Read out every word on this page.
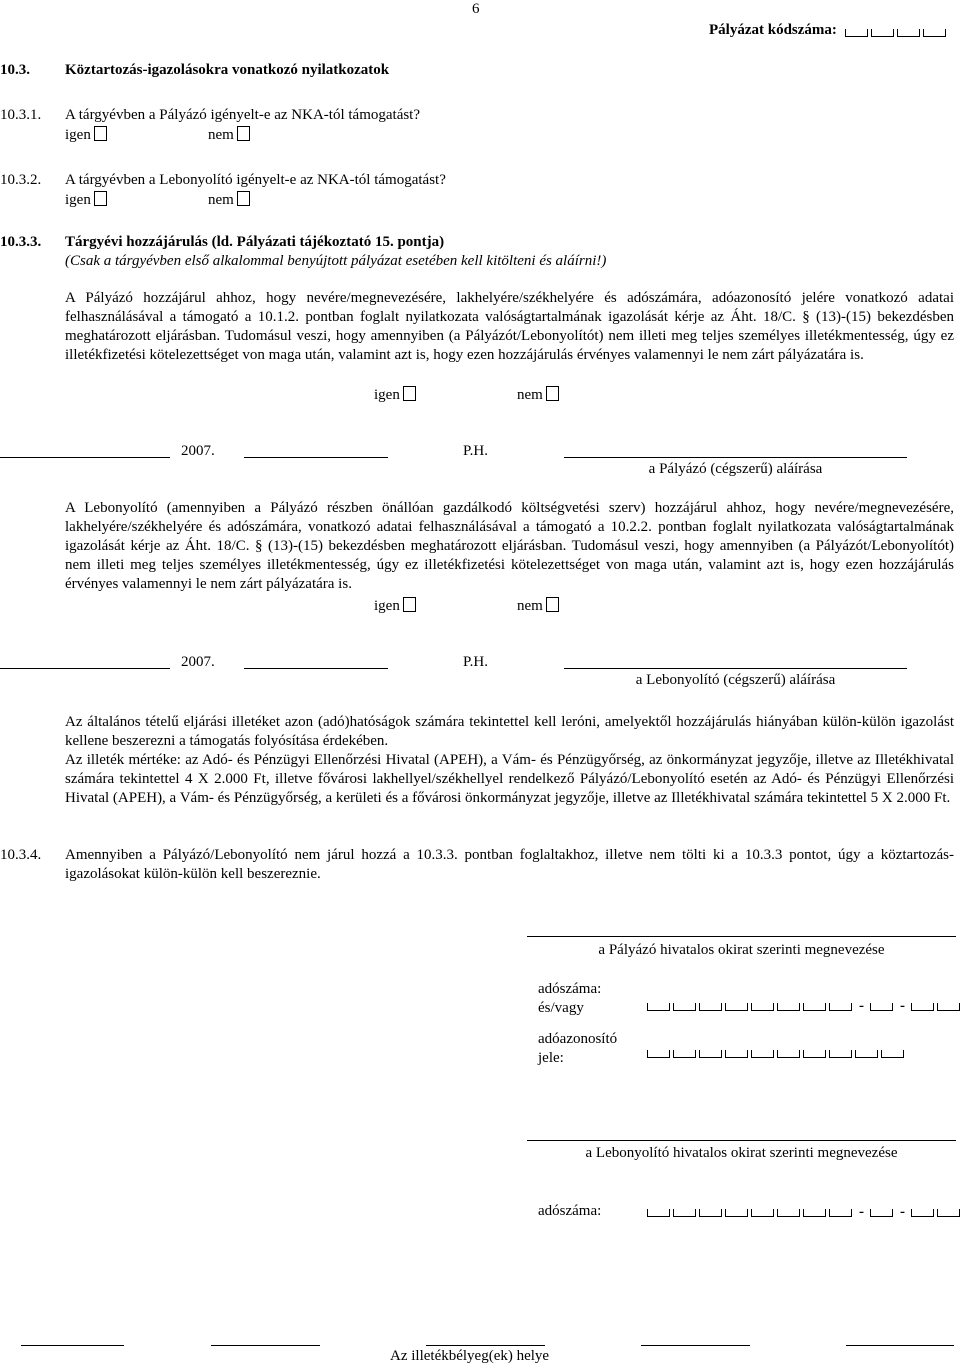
6
Pályázat kódszáma:
10.3. Köztartozás-igazolásokra vonatkozó nyilatkozatok
10.3.1. A tárgyévben a Pályázó igényelt-e az NKA-tól támogatást?
igen	nem
10.3.2. A tárgyévben a Lebonyolító igényelt-e az NKA-tól támogatást?
igen	nem
10.3.3. Tárgyévi hozzájárulás (ld. Pályázati tájékoztató 15. pontja)
(Csak a tárgyévben első alkalommal benyújtott pályázat esetében kell kitölteni és aláírni!)
A Pályázó hozzájárul ahhoz, hogy nevére/megnevezésére, lakhelyére/székhelyére és adószámára, adóazonosító jelére vonatkozó adatai felhasználásával a támogató a 10.1.2. pontban foglalt nyilatkozata valóságtartalmának igazolását kérje az Áht. 18/C. § (13)-(15) bekezdésben meghatározott eljárásban. Tudomásul veszi, hogy amennyiben (a Pályázót/Lebonyolítót) nem illeti meg teljes személyes illetékmentesség, úgy ez illetékfizetési kötelezettséget von maga után, valamint azt is, hogy ezen hozzájárulás érvényes valamennyi le nem zárt pályázatára is.
igen	nem
2007.	P.H.
a Pályázó (cégszerű) aláírása
A Lebonyolító (amennyiben a Pályázó részben önállóan gazdálkodó költségvetési szerv) hozzájárul ahhoz, hogy nevére/megnevezésére, lakhelyére/székhelyére és adószámára, vonatkozó adatai felhasználásával a támogató a 10.2.2. pontban foglalt nyilatkozata valóságtartalmának igazolását kérje az Áht. 18/C. § (13)-(15) bekezdésben meghatározott eljárásban. Tudomásul veszi, hogy amennyiben (a Pályázót/Lebonyolítót) nem illeti meg teljes személyes illetékmentesség, úgy ez illetékfizetési kötelezettséget von maga után, valamint azt is, hogy ezen hozzájárulás érvényes valamennyi le nem zárt pályázatára is.
igen	nem
2007.	P.H.
a Lebonyolító (cégszerű) aláírása
Az általános tételű eljárási illetéket azon (adó)hatóságok számára tekintettel kell leróni, amelyektől hozzájárulás hiányában külön-külön igazolást kellene beszerezni a támogatás folyósítása érdekében.
Az illeték mértéke: az Adó- és Pénzügyi Ellenőrzési Hivatal (APEH), a Vám- és Pénzügyőrség, az önkormányzat jegyzője, illetve az Illetékhivatal számára tekintettel 4 X 2.000 Ft, illetve fővárosi lakhellyel/székhellyel rendelkező Pályázó/Lebonyolító esetén az Adó- és Pénzügyi Ellenőrzési Hivatal (APEH), a Vám- és Pénzügyőrség, a kerületi és a fővárosi önkormányzat jegyzője, illetve az Illetékhivatal számára tekintettel 5 X 2.000 Ft.
10.3.4. Amennyiben a Pályázó/Lebonyolító nem járul hozzá a 10.3.3. pontban foglaltakhoz, illetve nem tölti ki a 10.3.3 pontot, úgy a köztartozás-igazolásokat külön-külön kell beszereznie.
a Pályázó hivatalos okirat szerinti megnevezése
adószáma:
és/vagy	- -
adóazonosító
jele:
a Lebonyolító hivatalos okirat szerinti megnevezése
adószáma:	- -
Az illetékbélyeg(ek) helye
